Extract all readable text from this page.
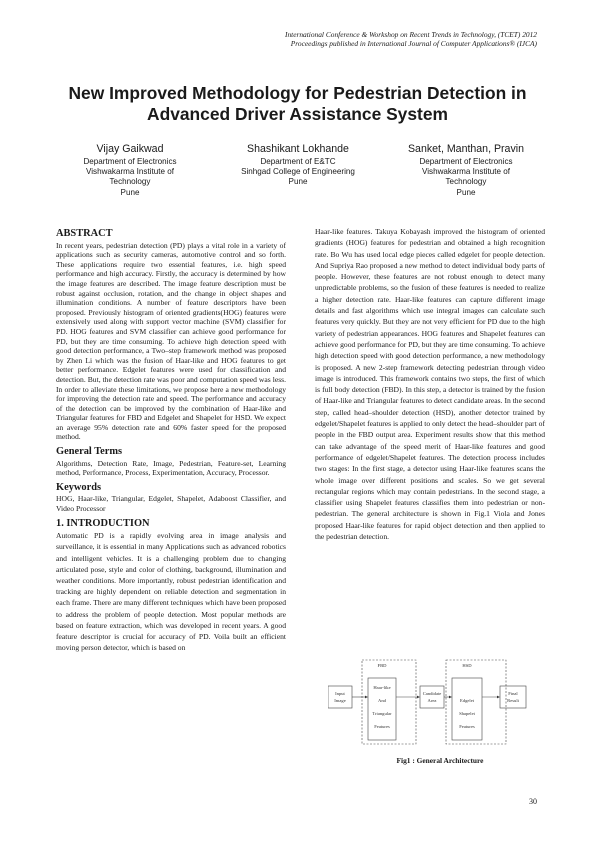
International Conference & Workshop on Recent Trends in Technology, (TCET) 2012
Proceedings published in International Journal of Computer Applications® (IJCA)
New Improved Methodology for Pedestrian Detection in Advanced Driver Assistance System
Vijay Gaikwad
Department of Electronics
Vishwakarma Institute of
Technology
Pune
Shashikant Lokhande
Department of E&TC
Sinhgad College of Engineering
Pune
Sanket, Manthan, Pravin
Department of Electronics
Vishwakarma Institute of
Technology
Pune

ABSTRACT

In recent years, pedestrian detection (PD) plays a vital role in a variety of applications such as security cameras, automotive control and so forth. These applications require two essential features, i.e. high speed performance and high accuracy. Firstly, the accuracy is determined by how the image features are described. The image feature description must be robust against occlusion, rotation, and the change in object shapes and illumination conditions. A number of feature descriptors have been proposed. Previously histogram of oriented gradients(HOG) features were extensively used along with support vector machine (SVM) classifier for PD. HOG features and SVM classifier can achieve good performance for PD, but they are time consuming. To achieve high detection speed with good detection performance, a Two–step framework method was proposed by Zhen Li which was the fusion of Haar-like and HOG features to get better performance. Edgelet features were used for classification and detection. But, the detection rate was poor and computation speed was less. In order to alleviate these limitations, we propose here a new methodology for improving the detection rate and speed. The performance and accuracy of the detection can be improved by the combination of Haar-like and Triangular features for FBD and Edgelet and Shapelet for HSD. We expect an average 95% detection rate and 60% faster speed for the proposed method.

General Terms

Algorithms, Detection Rate, Image, Pedestrian, Feature-set, Learning method, Performance, Process, Experimentation, Accuracy, Processor.

Keywords

HOG, Haar-like, Triangular, Edgelet, Shapelet, Adaboost Classifier, and Video Processor

1. INTRODUCTION

Automatic PD is a rapidly evolving area in image analysis and surveillance, it is essential in many Applications such as advanced robotics and intelligent vehicles. It is a challenging problem due to changing articulated pose, style and color of clothing, background, illumination and weather conditions. More importantly, robust pedestrian identification and tracking are highly dependent on reliable detection and segmentation in each frame. There are many different techniques which have been proposed to address the problem of people detection. Most popular methods are based on feature extraction, which was developed in recent years. A good feature descriptor is crucial for accuracy of PD. Voila built an efficient moving person detector, which is based on

Haar-like features. Takuya Kobayash improved the histogram of oriented gradients (HOG) features for pedestrian and obtained a high recognition rate. Bo Wu has used local edge pieces called edgelet for people detection. And Supriya Rao proposed a new method to detect individual body parts of people. However, these features are not robust enough to detect many unpredictable problems, so the fusion of these features is needed to realize a higher detection rate. Haar-like features can capture different image details and fast algorithms which use integral images can calculate such features very quickly. But they are not very efficient for PD due to the high variety of pedestrian appearances. HOG features and Shapelet features can achieve good performance for PD, but they are time consuming. To achieve high detection speed with good detection performance, a new methodology is proposed. A new 2-step framework detecting pedestrian through video image is introduced. This framework contains two steps, the first of which is full body detection (FBD). In this step, a detector is trained by the fusion of Haar-like and Triangular features to detect candidate areas. In the second step, called head–shoulder detection (HSD), another detector trained by edgelet/Shapelet features is applied to only detect the head–shoulder part of people in the FBD output area. Experiment results show that this method can take advantage of the speed merit of Haar-like features and good performance of edgelet/Shapelet features. The detection process includes two stages: In the first stage, a detector using Haar-like features scans the whole image over different positions and scales. So we get several rectangular regions which may contain pedestrians. In the second stage, a classifier using Shapelet features classifies them into pedestrian or non-pedestrian. The general architecture is shown in Fig.1 Viola and Jones proposed Haar-like features for rapid object detection and then applied to the pedestrian detection.

FBD	HSD
Input
Image
Haar-like
And
Triangular
Features
Candidate
Area	Edgelet
Shapelet
Features
Final
Result
Fig1 : General Architecture
30
